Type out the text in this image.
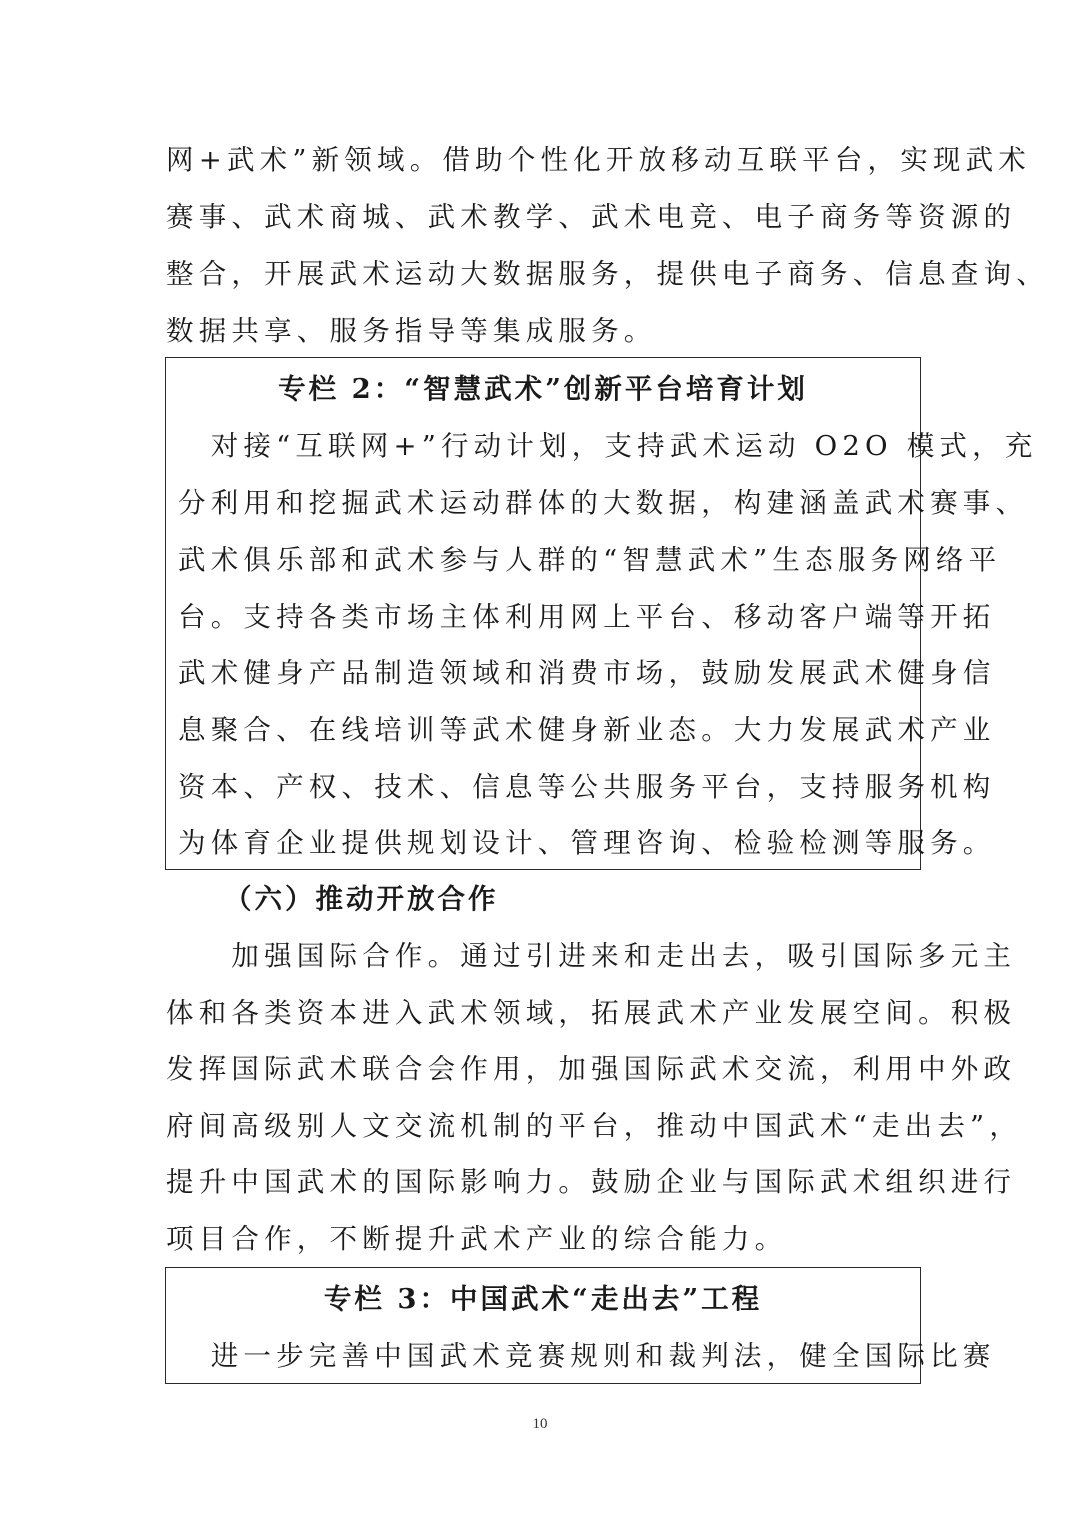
网+武术”新领域。借助个性化开放移动互联平台，实现武术
赛事、武术商城、武术教学、武术电竞、电子商务等资源的
整合，开展武术运动大数据服务，提供电子商务、信息查询、
数据共享、服务指导等集成服务。
专栏 2：“智慧武术”创新平台培育计划
　对接“互联网+”行动计划，支持武术运动 O2O 模式，充
分利用和挖掘武术运动群体的大数据，构建涵盖武术赛事、
武术俱乐部和武术参与人群的“智慧武术”生态服务网络平
台。支持各类市场主体利用网上平台、移动客户端等开拓
武术健身产品制造领域和消费市场，鼓励发展武术健身信
息聚合、在线培训等武术健身新业态。大力发展武术产业
资本、产权、技术、信息等公共服务平台，支持服务机构
为体育企业提供规划设计、管理咨询、检验检测等服务。
（六）推动开放合作
　　加强国际合作。通过引进来和走出去，吸引国际多元主
体和各类资本进入武术领域，拓展武术产业发展空间。积极
发挥国际武术联合会作用，加强国际武术交流，利用中外政
府间高级别人文交流机制的平台，推动中国武术“走出去”，
提升中国武术的国际影响力。鼓励企业与国际武术组织进行
项目合作，不断提升武术产业的综合能力。
专栏 3：中国武术“走出去”工程
　进一步完善中国武术竞赛规则和裁判法，健全国际比赛
10
